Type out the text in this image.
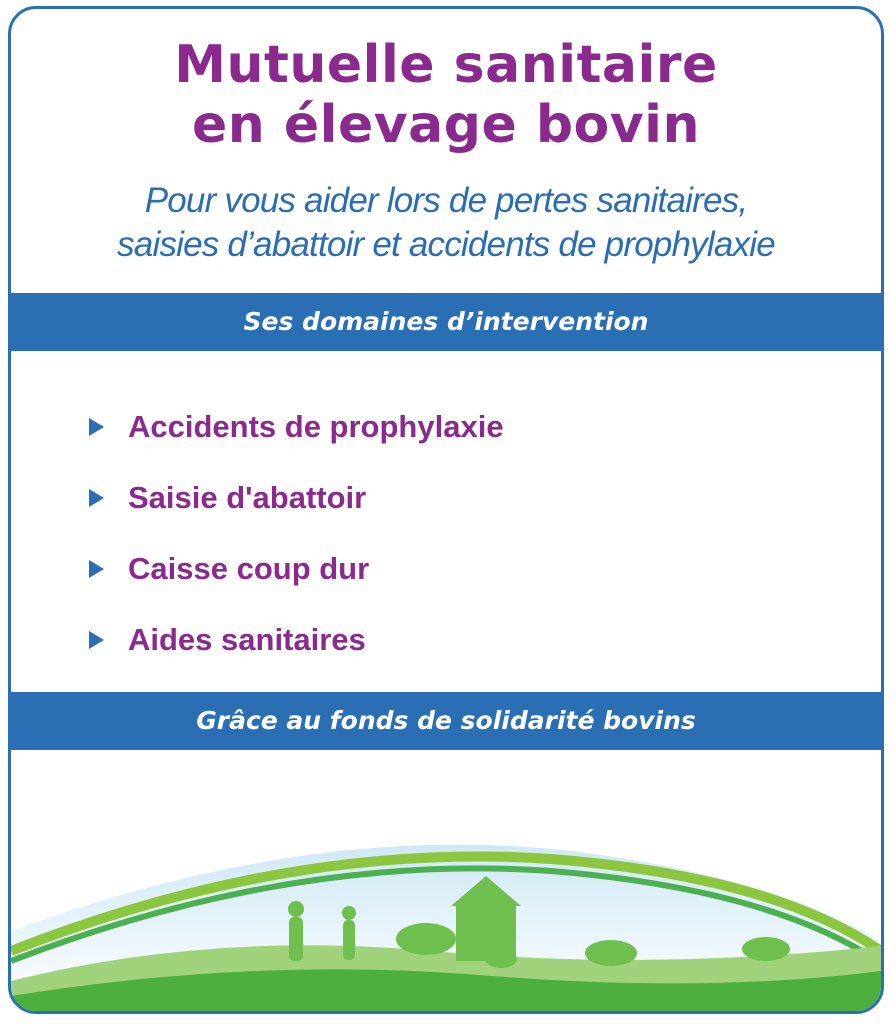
Mutuelle sanitaire
en élevage bovin
Pour vous aider lors de pertes sanitaires,
saisies d’abattoir et accidents de prophylaxie
Ses domaines d’intervention
Accidents de prophylaxie
Saisie d'abattoir
Caisse coup dur
Aides sanitaires
Grâce au fonds de solidarité bovins
